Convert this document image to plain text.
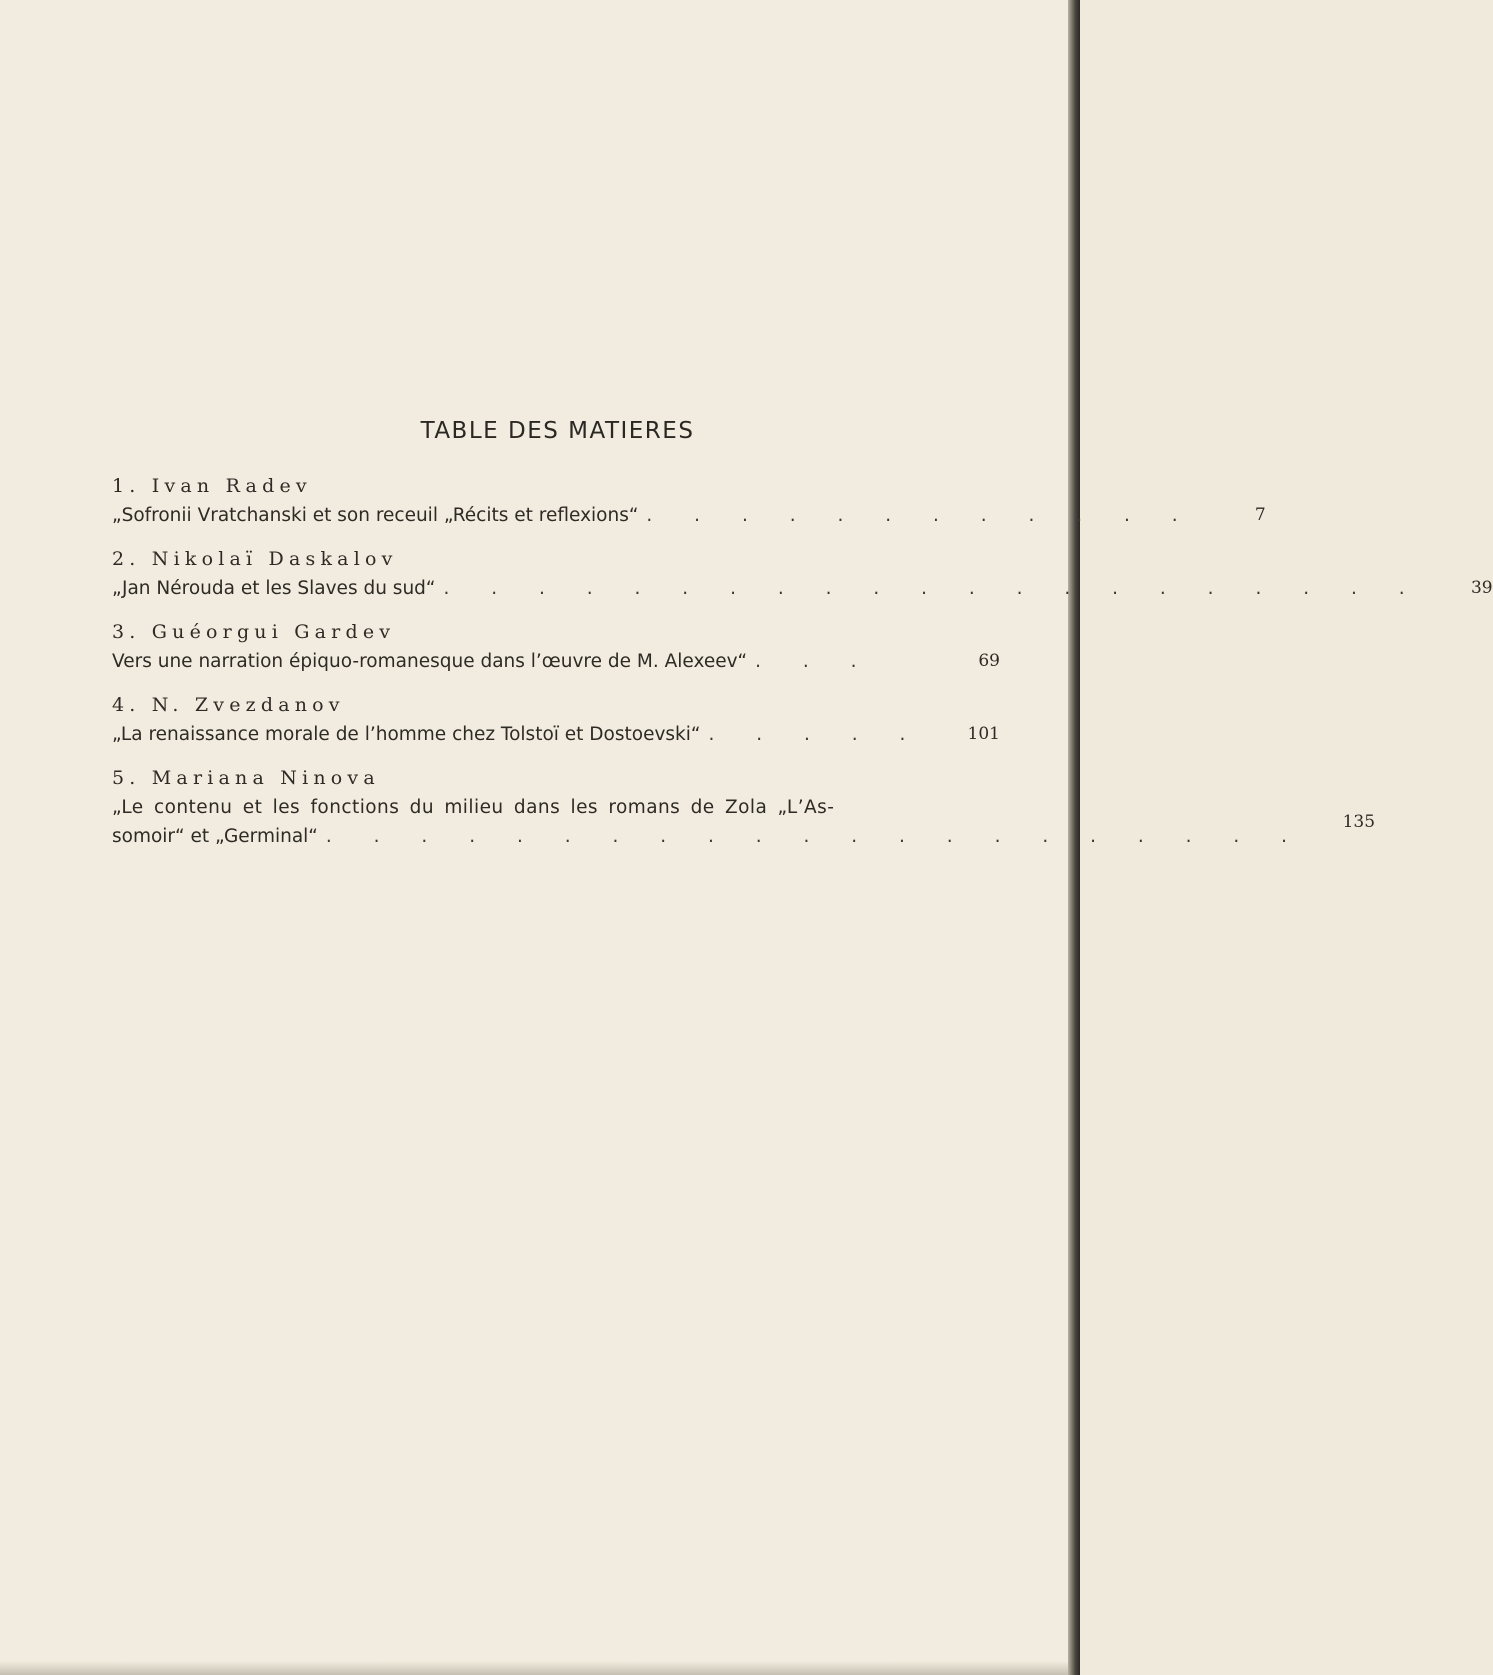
TABLE DES MATIERES
1. Ivan Radev
„Sofronii Vratchanski et son receuil „Récits et reflexions“ . . . . . . . . . . . .	7
2. Nikolaï Daskalov
„Jan Nérouda et les Slaves du sud“ . . . . . . . . . . . . . . . . . . . . .	39
3. Guéorgui Gardev
Vers une narration épiquo-romanesque dans l’œuvre de M. Alexeev“ . . .	69
4. N. Zvezdanov
„La renaissance morale de l’homme chez Tolstoï et Dostoevski“ . . . . .	101
5. Mariana Ninova
„Le contenu et les fonctions du milieu dans les romans de Zola „L’As-
somoir“ et „Germinal“ . . . . . . . . . . . . . . . . . . . . .
135
